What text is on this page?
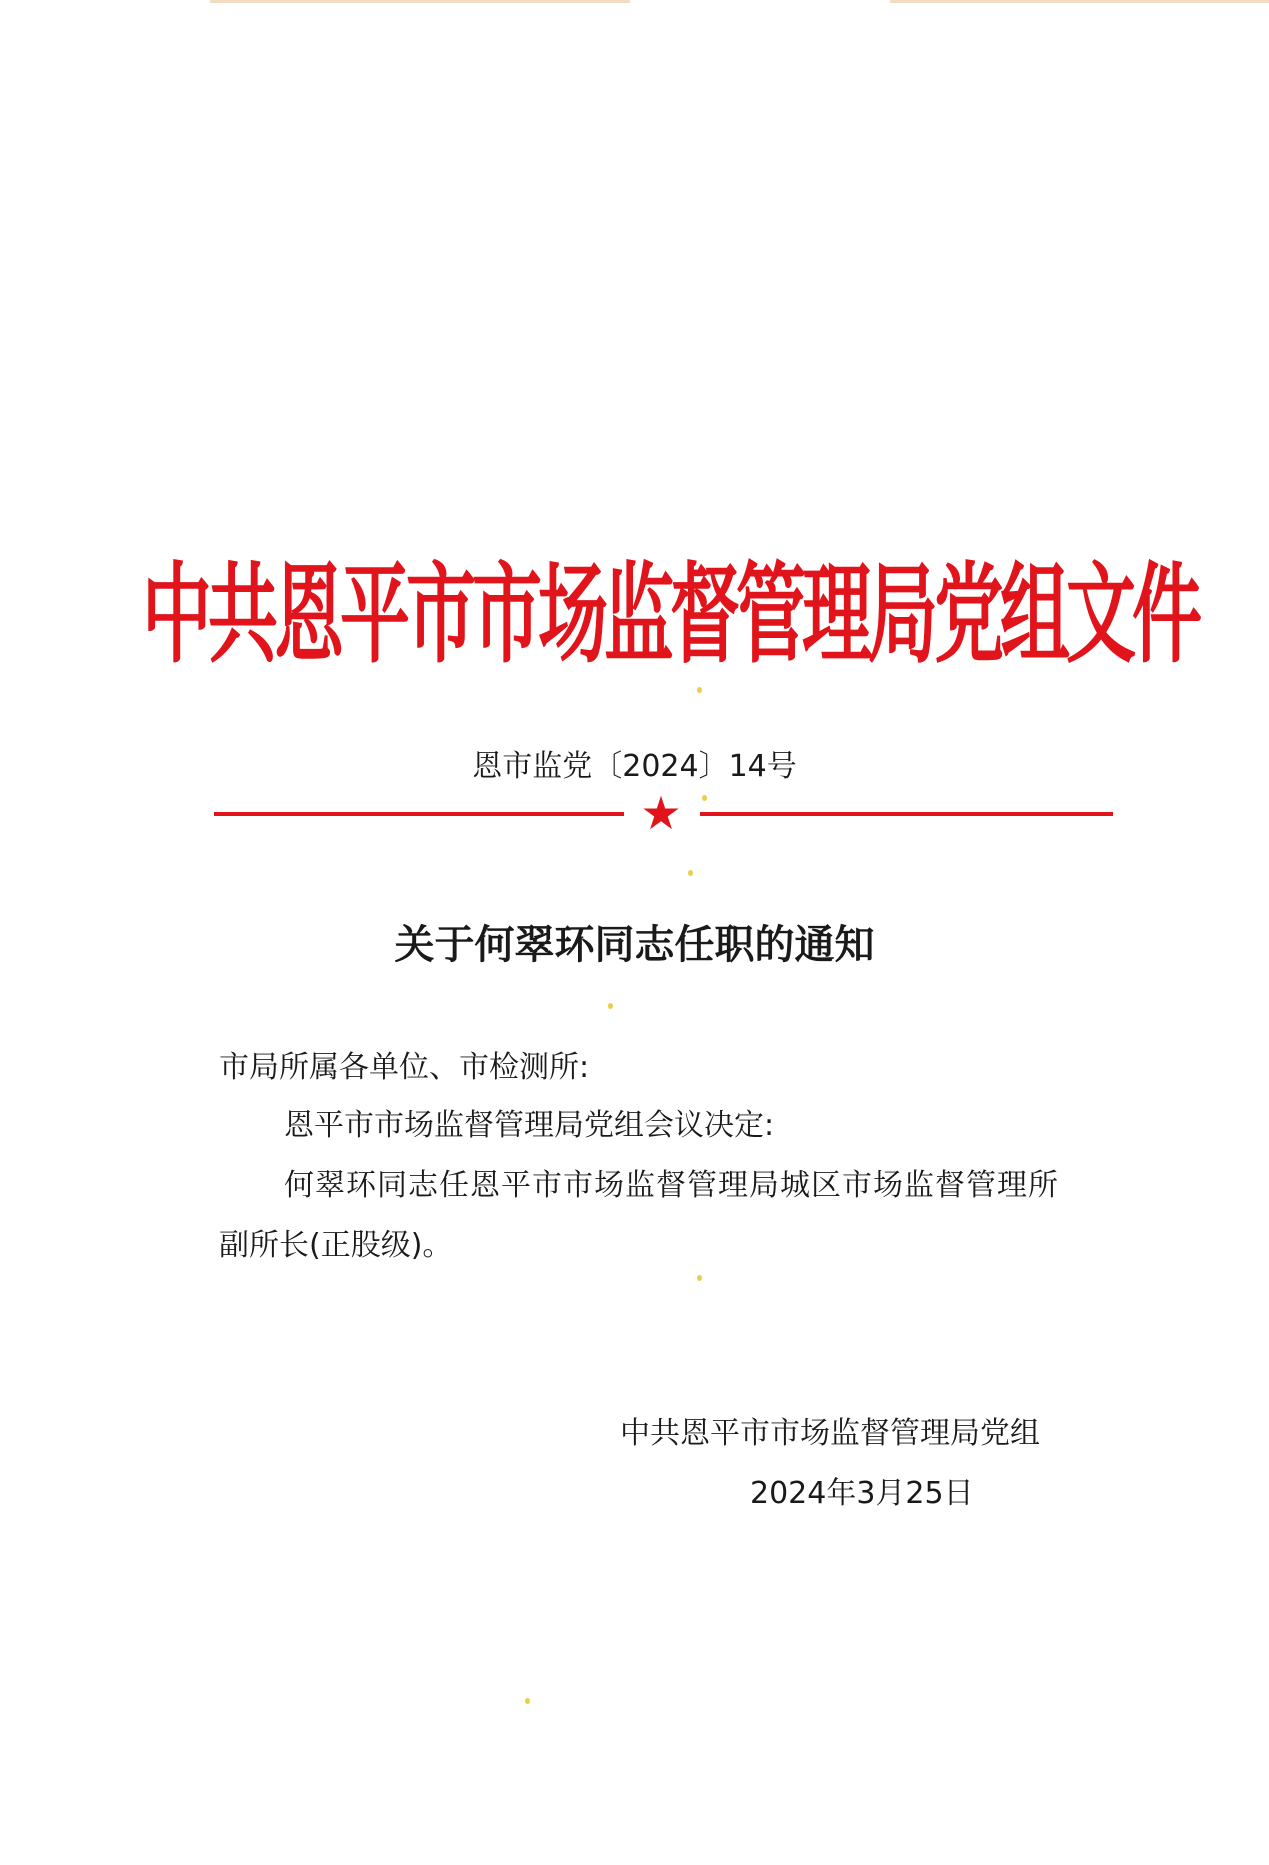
中共恩平市市场监督管理局党组文件
恩市监党〔2024〕14号
★
关于何翠环同志任职的通知
市局所属各单位、市检测所:
恩平市市场监督管理局党组会议决定:
何翠环同志任恩平市市场监督管理局城区市场监督管理所
副所长(正股级)。
中共恩平市市场监督管理局党组
2024年3月25日
